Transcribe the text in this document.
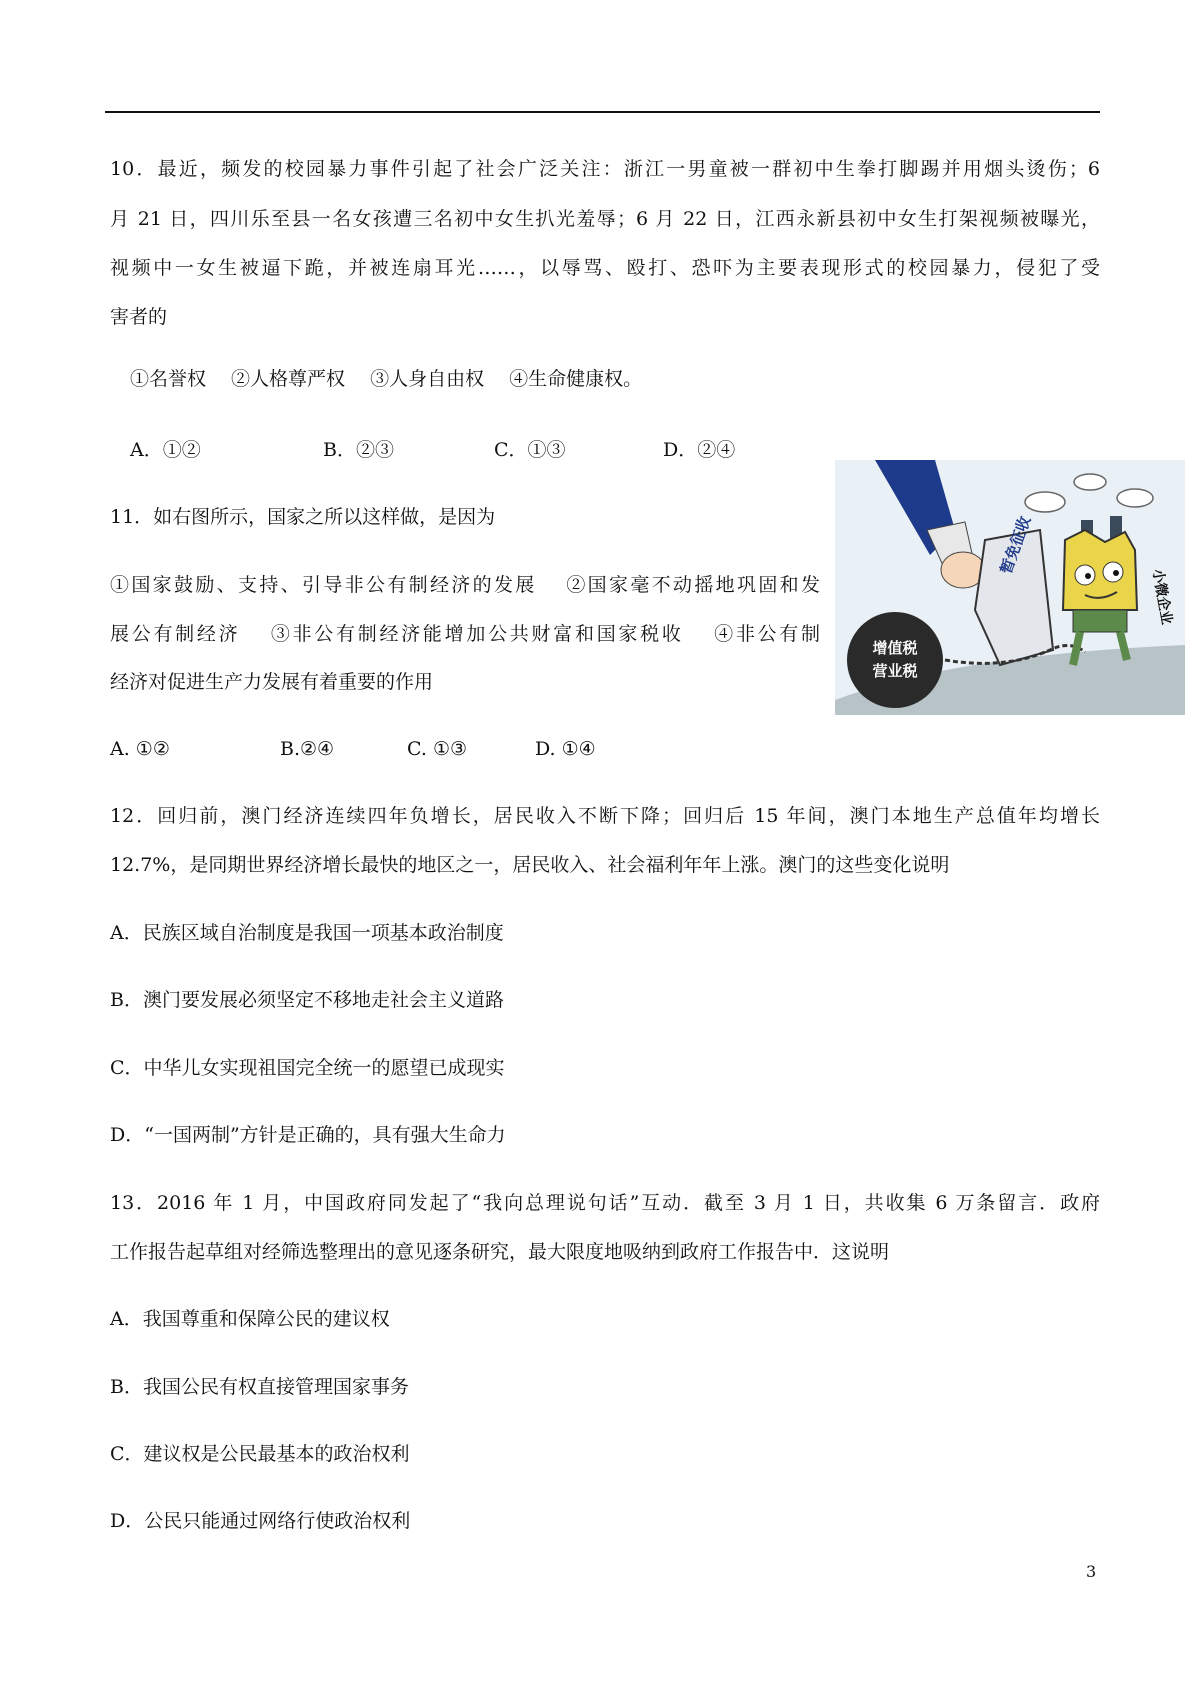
10．最近，频发的校园暴力事件引起了社会广泛关注：浙江一男童被一群初中生拳打脚踢并用烟头烫伤；6
月 21 日，四川乐至县一名女孩遭三名初中女生扒光羞辱；6 月 22 日，江西永新县初中女生打架视频被曝光，
视频中一女生被逼下跪，并被连扇耳光……，以辱骂、殴打、恐吓为主要表现形式的校园暴力，侵犯了受
害者的
①名誉权　 ②人格尊严权　 ③人身自由权　 ④生命健康权。
A．①②	B．②③	C．①③	D．②④
11．如右图所示，国家之所以这样做，是因为
①国家鼓励、支持、引导非公有制经济的发展　 ②国家毫不动摇地巩固和发
展公有制经济　 ③非公有制经济能增加公共财富和国家税收　 ④非公有制
经济对促进生产力发展有着重要的作用
A. ①②	B.②④	C. ①③	D. ①④
暂免征收
增值税
营业税
小微企业
12．回归前，澳门经济连续四年负增长，居民收入不断下降；回归后 15 年间，澳门本地生产总值年均增长
12.7%，是同期世界经济增长最快的地区之一，居民收入、社会福利年年上涨。澳门的这些变化说明
A．民族区域自治制度是我国一项基本政治制度
B．澳门要发展必须坚定不移地走社会主义道路
C．中华儿女实现祖国完全统一的愿望已成现实
D．“一国两制”方针是正确的，具有强大生命力
13．2016 年 1 月，中国政府同发起了“我向总理说句话”互动．截至 3 月 1 日，共收集 6 万条留言．政府
工作报告起草组对经筛选整理出的意见逐条研究，最大限度地吸纳到政府工作报告中．这说明
A．我国尊重和保障公民的建议权
B．我国公民有权直接管理国家事务
C．建议权是公民最基本的政治权利
D．公民只能通过网络行使政治权利
3
